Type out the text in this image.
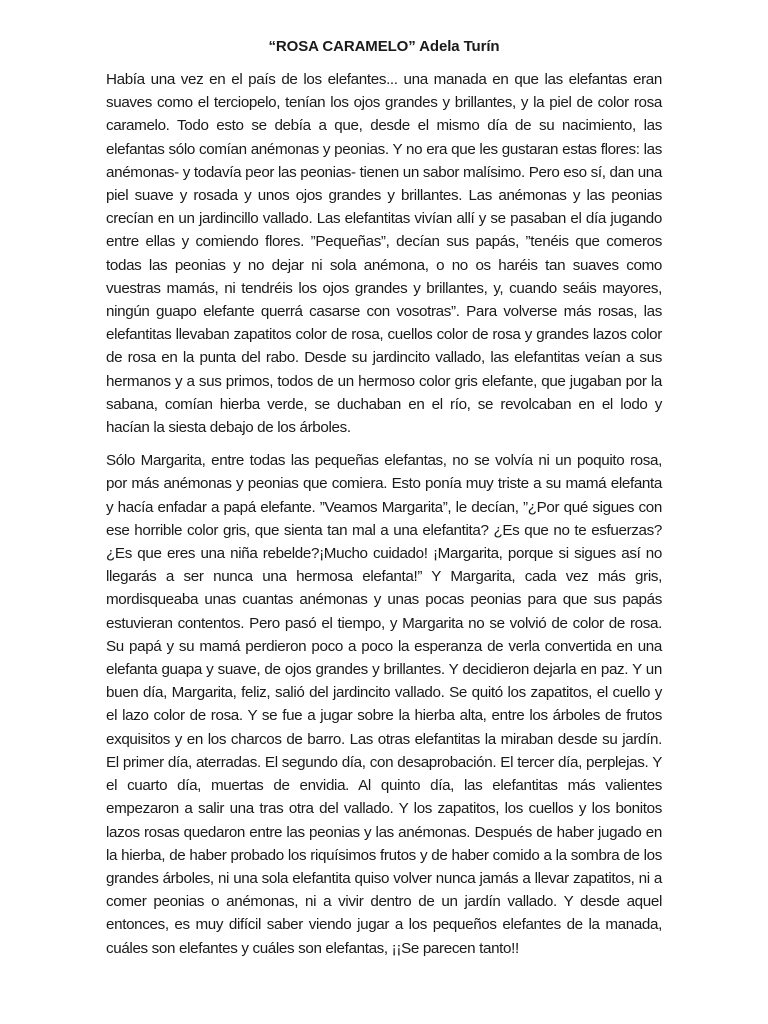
“ROSA CARAMELO” Adela Turín

Había una vez en el país de los elefantes... una manada en que las elefantas eran suaves como el terciopelo, tenían los ojos grandes y brillantes, y la piel de color rosa caramelo. Todo esto se debía a que, desde el mismo día de su nacimiento, las elefantas sólo comían anémonas y peonias. Y no era que les gustaran estas flores: las anémonas- y todavía peor las peonias- tienen un sabor malísimo. Pero eso sí, dan una piel suave y rosada y unos ojos grandes y brillantes. Las anémonas y las peonias crecían en un jardincillo vallado. Las elefantitas vivían allí y se pasaban el día jugando entre ellas y comiendo flores. ”Pequeñas”, decían sus papás, ”tenéis que comeros todas las peonias y no dejar ni sola anémona, o no os haréis tan suaves como vuestras mamás, ni tendréis los ojos grandes y brillantes, y, cuando seáis mayores, ningún guapo elefante querrá casarse con vosotras”. Para volverse más rosas, las elefantitas llevaban zapatitos color de rosa, cuellos color de rosa y grandes lazos color de rosa en la punta del rabo. Desde su jardincito vallado, las elefantitas veían a sus hermanos y a sus primos, todos de un hermoso color gris elefante, que jugaban por la sabana, comían hierba verde, se duchaban en el río, se revolcaban en el lodo y hacían la siesta debajo de los árboles.

Sólo Margarita, entre todas las pequeñas elefantas, no se volvía ni un poquito rosa, por más anémonas y peonias que comiera. Esto ponía muy triste a su mamá elefanta y hacía enfadar a papá elefante. ”Veamos Margarita”, le decían, ”¿Por qué sigues con ese horrible color gris, que sienta tan mal a una elefantita? ¿Es que no te esfuerzas? ¿Es que eres una niña rebelde?¡Mucho cuidado! ¡Margarita, porque si sigues así no llegarás a ser nunca una hermosa elefanta!” Y Margarita, cada vez más gris, mordisqueaba unas cuantas anémonas y unas pocas peonias para que sus papás estuvieran contentos. Pero pasó el tiempo, y Margarita no se volvió de color de rosa. Su papá y su mamá perdieron poco a poco la esperanza de verla convertida en una elefanta guapa y suave, de ojos grandes y brillantes. Y decidieron dejarla en paz. Y un buen día, Margarita, feliz, salió del jardincito vallado. Se quitó los zapatitos, el cuello y el lazo color de rosa. Y se fue a jugar sobre la hierba alta, entre los árboles de frutos exquisitos y en los charcos de barro. Las otras elefantitas la miraban desde su jardín. El primer día, aterradas. El segundo día, con desaprobación. El tercer día, perplejas. Y el cuarto día, muertas de envidia. Al quinto día, las elefantitas más valientes empezaron a salir una tras otra del vallado. Y los zapatitos, los cuellos y los bonitos lazos rosas quedaron entre las peonias y las anémonas. Después de haber jugado en la hierba, de haber probado los riquísimos frutos y de haber comido a la sombra de los grandes árboles, ni una sola elefantita quiso volver nunca jamás a llevar zapatitos, ni a comer peonias o anémonas, ni a vivir dentro de un jardín vallado. Y desde aquel entonces, es muy difícil saber viendo jugar a los pequeños elefantes de la manada, cuáles son elefantes y cuáles son elefantas, ¡¡Se parecen tanto!!
